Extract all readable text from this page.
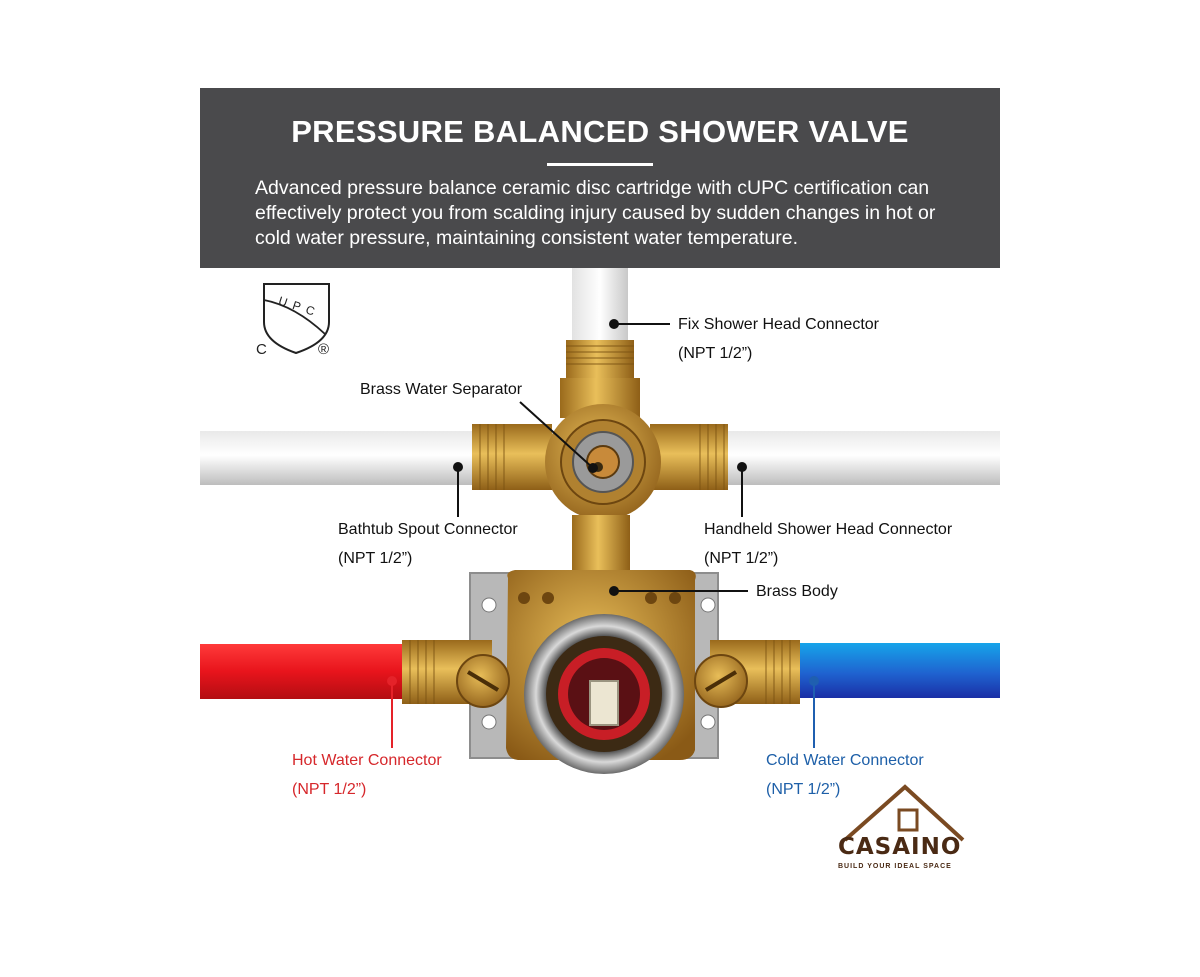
PRESSURE BALANCED SHOWER VALVE
Advanced pressure balance ceramic disc cartridge with cUPC certification can effectively protect you from scalding injury caused by sudden changes in hot or cold water pressure, maintaining consistent water temperature.
UPC
C	®
Fix Shower Head Connector
(NPT 1/2”)
Brass Water Separator
Bathtub Spout Connector
(NPT 1/2”)
Handheld Shower Head Connector
(NPT 1/2”)
Brass Body
Hot Water Connector
(NPT 1/2”)
Cold Water Connector
(NPT 1/2”)
CASAINO
BUILD YOUR IDEAL SPACE
